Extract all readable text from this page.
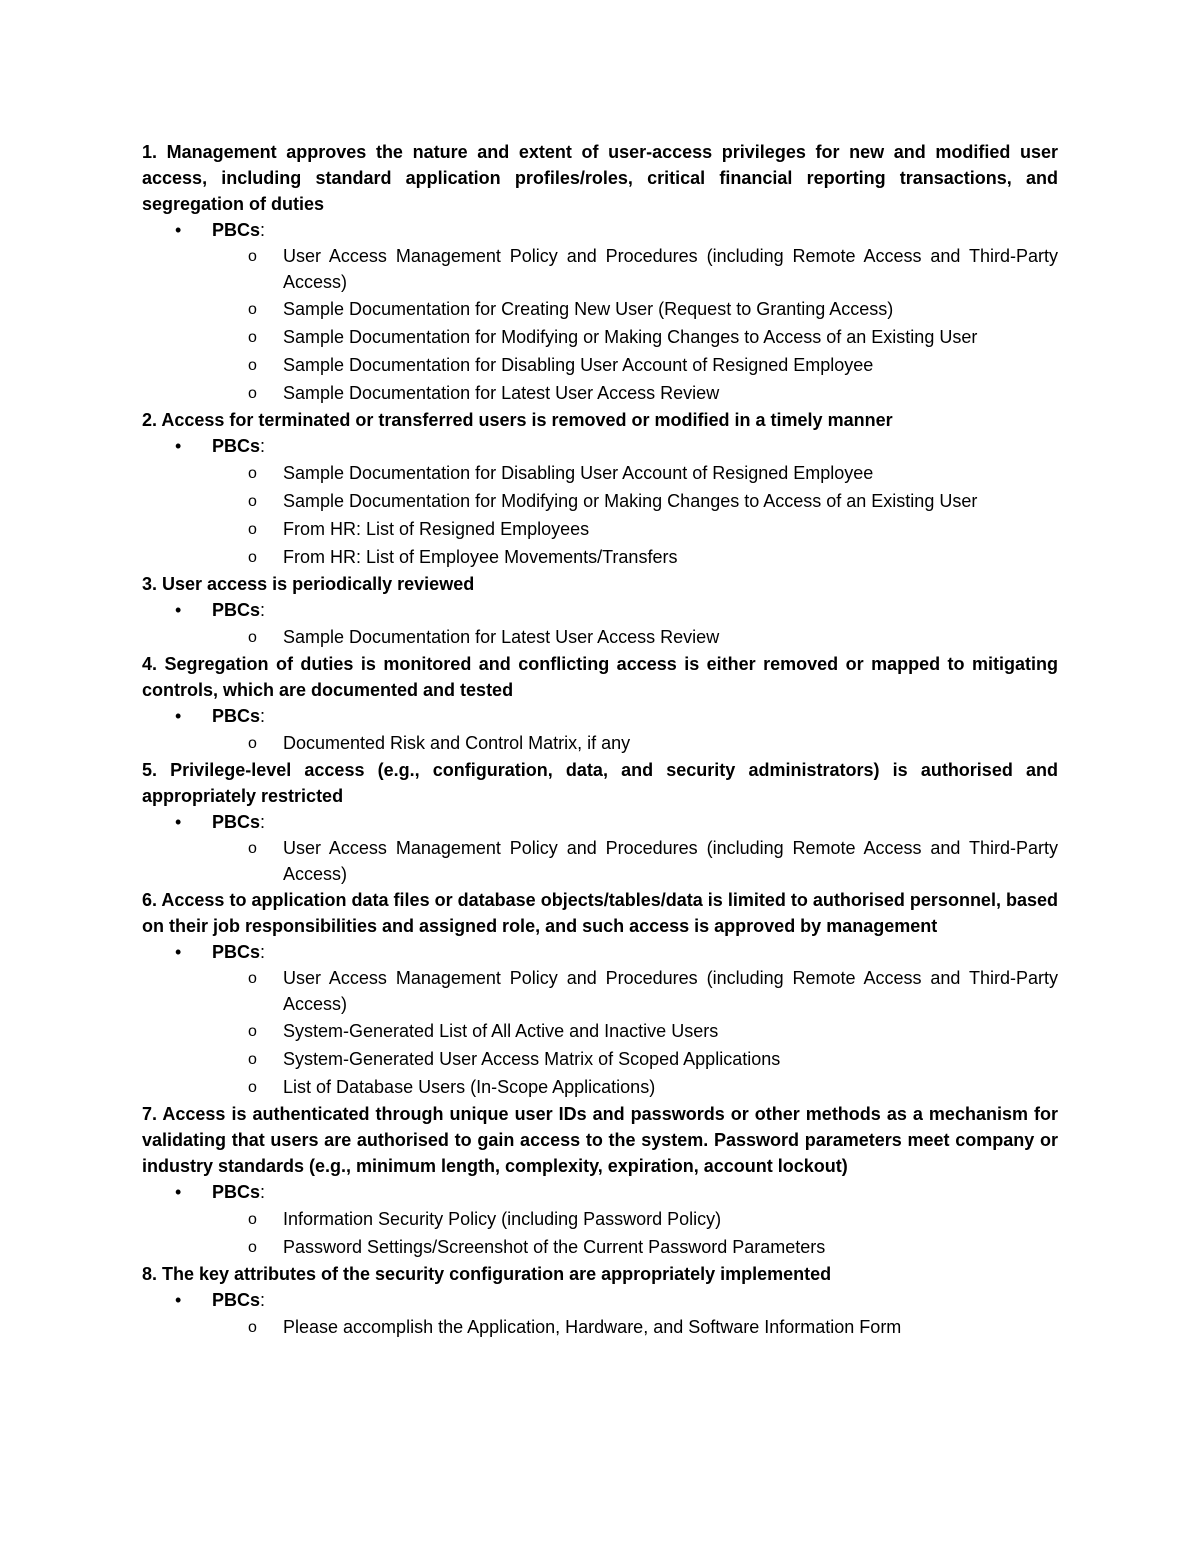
1. Management approves the nature and extent of user-access privileges for new and modified user access, including standard application profiles/roles, critical financial reporting transactions, and segregation of duties

• PBCs:
o User Access Management Policy and Procedures (including Remote Access and Third-Party Access)
o Sample Documentation for Creating New User (Request to Granting Access)
o Sample Documentation for Modifying or Making Changes to Access of an Existing User
o Sample Documentation for Disabling User Account of Resigned Employee
o Sample Documentation for Latest User Access Review

2. Access for terminated or transferred users is removed or modified in a timely manner

• PBCs:
o Sample Documentation for Disabling User Account of Resigned Employee
o Sample Documentation for Modifying or Making Changes to Access of an Existing User
o From HR: List of Resigned Employees
o From HR: List of Employee Movements/Transfers

3. User access is periodically reviewed

• PBCs:
o Sample Documentation for Latest User Access Review

4. Segregation of duties is monitored and conflicting access is either removed or mapped to mitigating controls, which are documented and tested

• PBCs:
o Documented Risk and Control Matrix, if any

5. Privilege-level access (e.g., configuration, data, and security administrators) is authorised and appropriately restricted

• PBCs:
o User Access Management Policy and Procedures (including Remote Access and Third-Party Access)

6. Access to application data files or database objects/tables/data is limited to authorised personnel, based on their job responsibilities and assigned role, and such access is approved by management

• PBCs:
o User Access Management Policy and Procedures (including Remote Access and Third-Party Access)
o System-Generated List of All Active and Inactive Users
o System-Generated User Access Matrix of Scoped Applications
o List of Database Users (In-Scope Applications)

7. Access is authenticated through unique user IDs and passwords or other methods as a mechanism for validating that users are authorised to gain access to the system. Password parameters meet company or industry standards (e.g., minimum length, complexity, expiration, account lockout)

• PBCs:
o Information Security Policy (including Password Policy)
o Password Settings/Screenshot of the Current Password Parameters

8. The key attributes of the security configuration are appropriately implemented

• PBCs:
o Please accomplish the Application, Hardware, and Software Information Form
